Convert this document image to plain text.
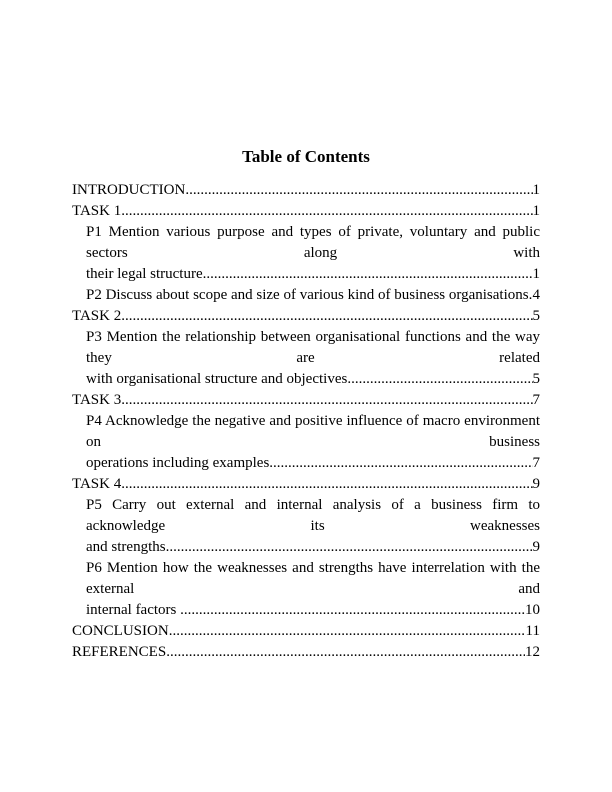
Table of Contents
INTRODUCTION .....	1
TASK 1 .....	1
P1 Mention various purpose and types of private, voluntary and public sectors along with
their legal structure .....	1
P2 Discuss about scope and size of various kind of business organisations ..... 4
TASK 2 .....	5
P3 Mention the relationship between organisational functions and the way they are related
with organisational structure and objectives .....	5
TASK 3 .....	7
P4 Acknowledge the negative and positive influence of macro environment on business
operations including examples .....	7
TASK 4 .....	9
P5 Carry out external and internal analysis of a business firm to acknowledge its weaknesses
and strengths .....	9
P6 Mention how the weaknesses and strengths have interrelation with the external and
internal factors .....	10
CONCLUSION .....	11
REFERENCES .....	12
